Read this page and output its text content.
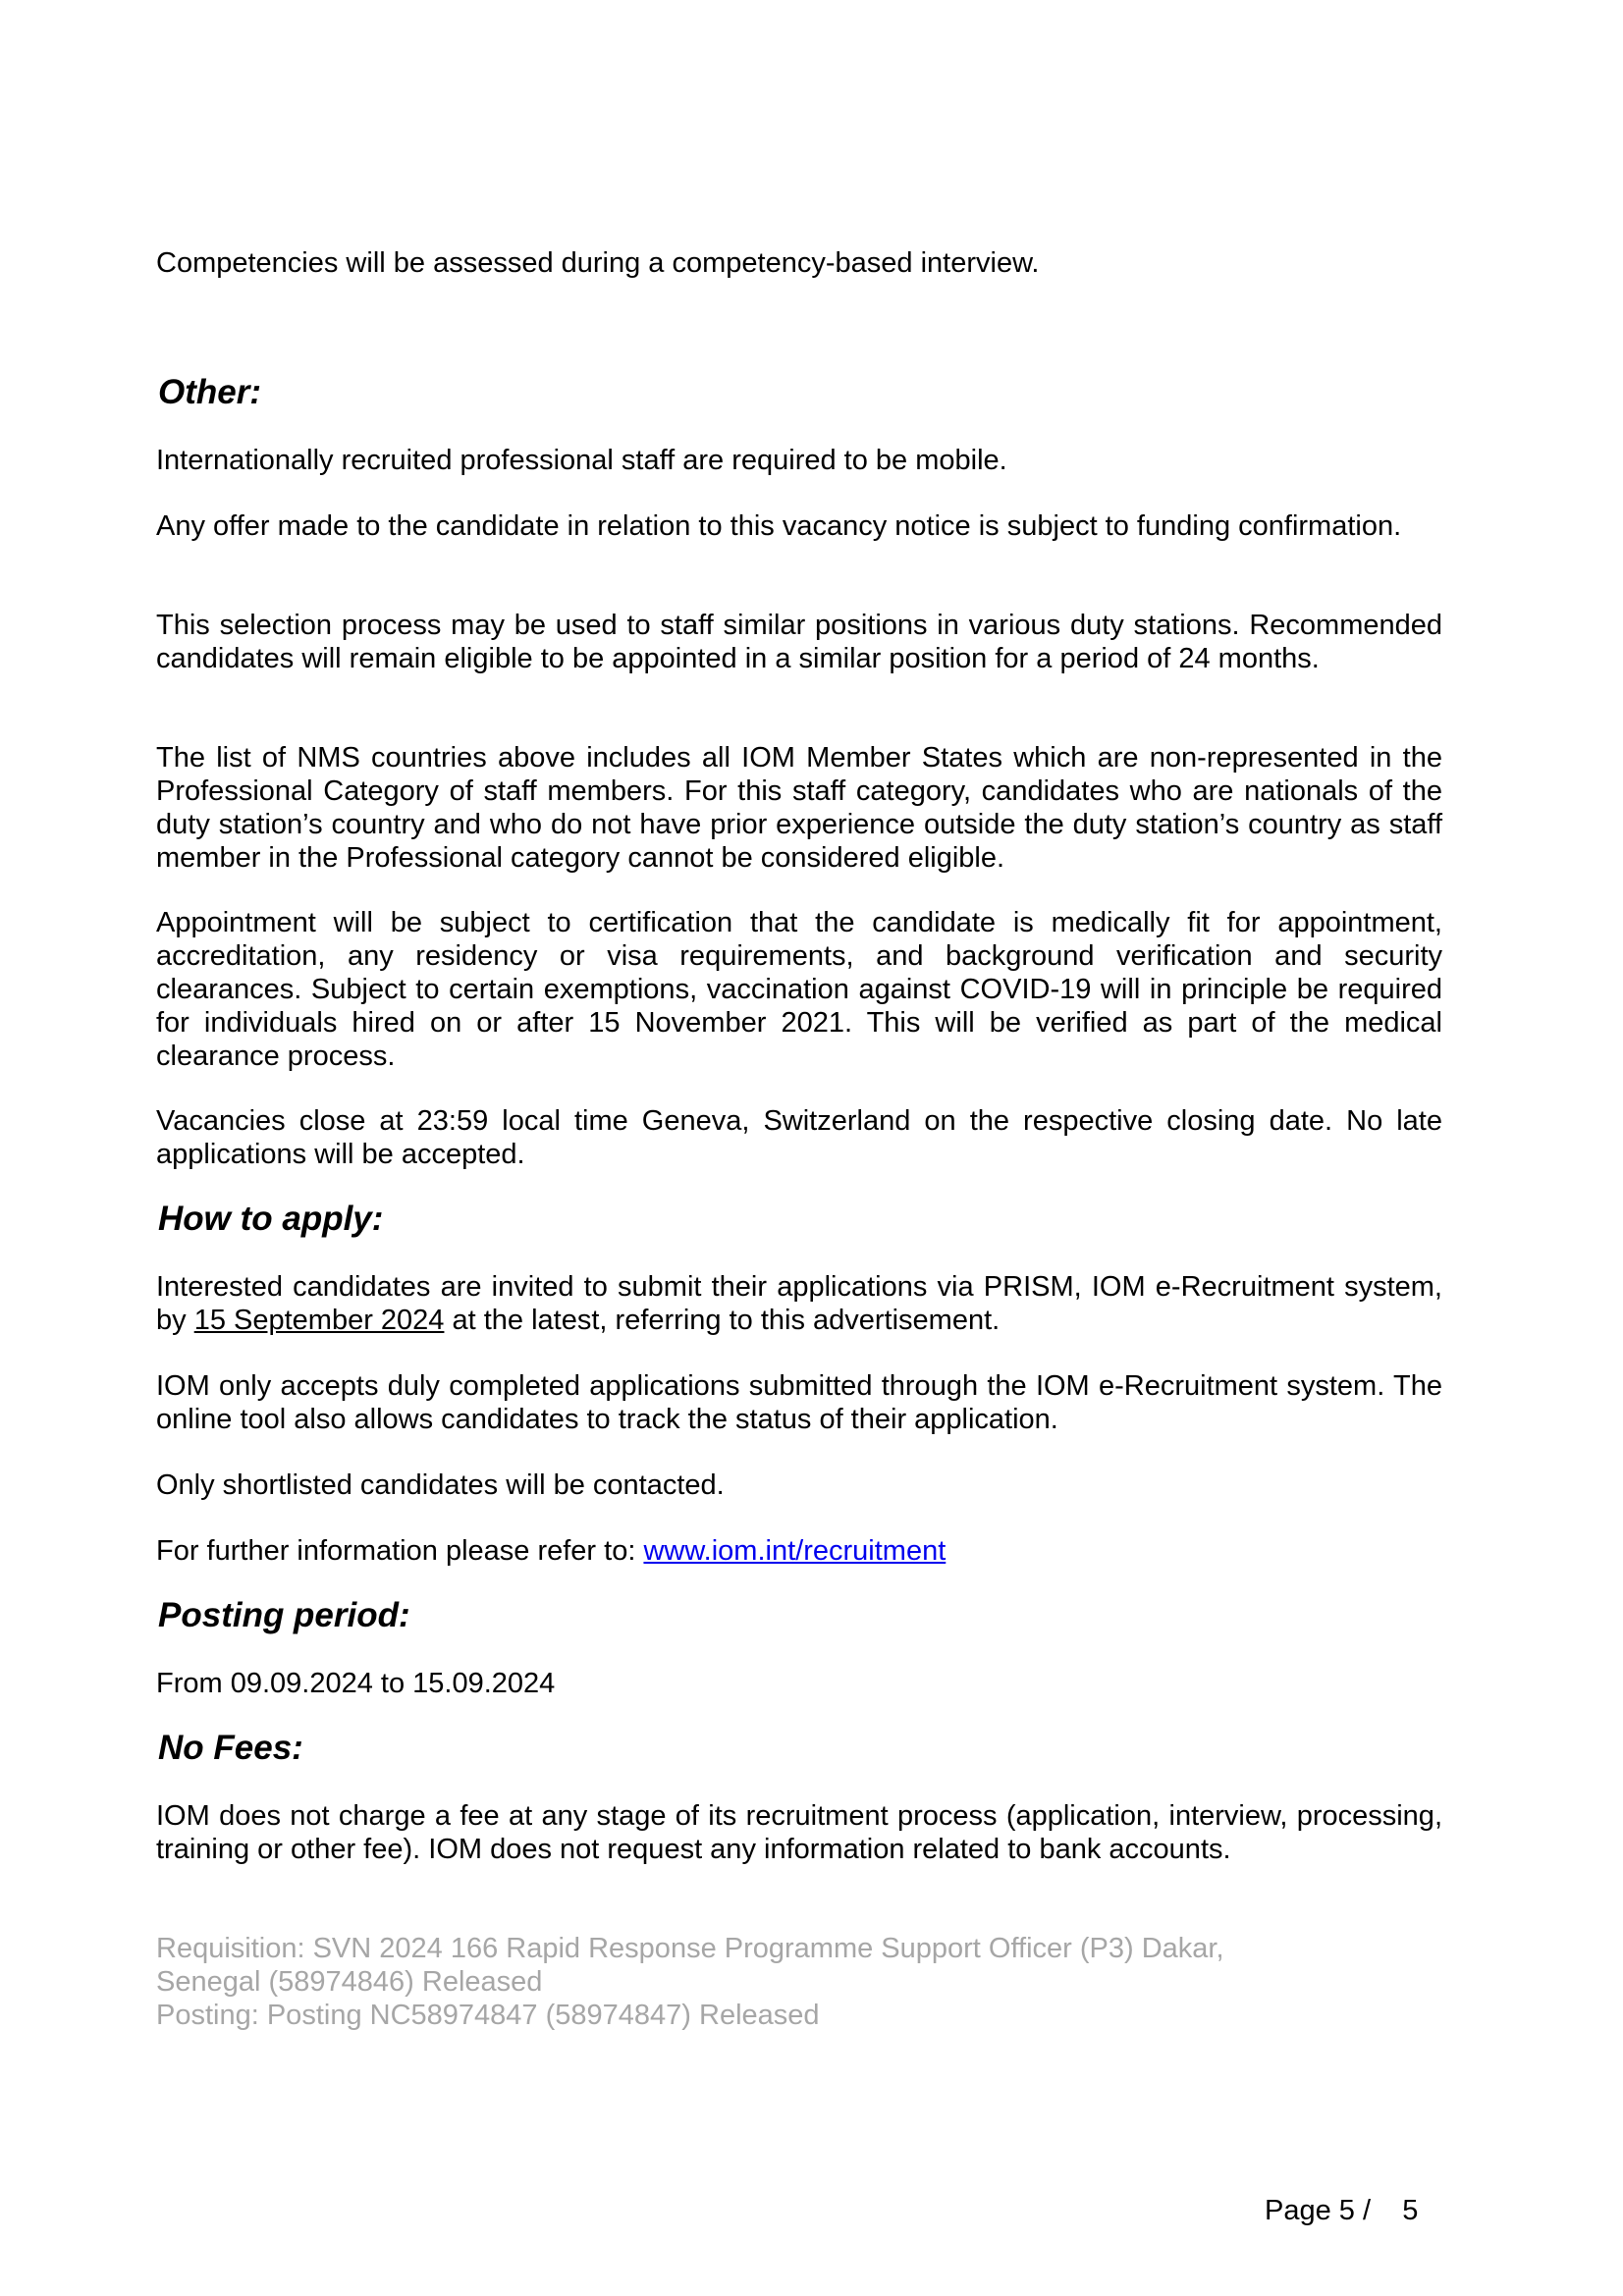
Competencies will be assessed during a competency-based interview.

Other:

Internationally recruited professional staff are required to be mobile.

Any offer made to the candidate in relation to this vacancy notice is subject to funding confirmation.

This selection process may be used to staff similar positions in various duty stations. Recommended candidates will remain eligible to be appointed in a similar position for a period of 24 months.

The list of NMS countries above includes all IOM Member States which are non-represented in the Professional Category of staff members. For this staff category, candidates who are nationals of the duty station’s country and who do not have prior experience outside the duty station’s country as staff member in the Professional category cannot be considered eligible.

Appointment will be subject to certification that the candidate is medically fit for appointment, accreditation, any residency or visa requirements, and background verification and security clearances. Subject to certain exemptions, vaccination against COVID-19 will in principle be required for individuals hired on or after 15 November 2021. This will be verified as part of the medical clearance process.

Vacancies close at 23:59 local time Geneva, Switzerland on the respective closing date. No late applications will be accepted.

How to apply:

Interested candidates are invited to submit their applications via PRISM, IOM e-Recruitment system, by 15 September 2024 at the latest, referring to this advertisement.

IOM only accepts duly completed applications submitted through the IOM e-Recruitment system. The online tool also allows candidates to track the status of their application.

Only shortlisted candidates will be contacted.

For further information please refer to: www.iom.int/recruitment

Posting period:

From 09.09.2024 to 15.09.2024

No Fees:

IOM does not charge a fee at any stage of its recruitment process (application, interview, processing, training or other fee). IOM does not request any information related to bank accounts.

Requisition: SVN 2024 166 Rapid Response Programme Support Officer (P3) Dakar, Senegal (58974846) Released

Posting: Posting NC58974847 (58974847) Released

Page 5 /    5
